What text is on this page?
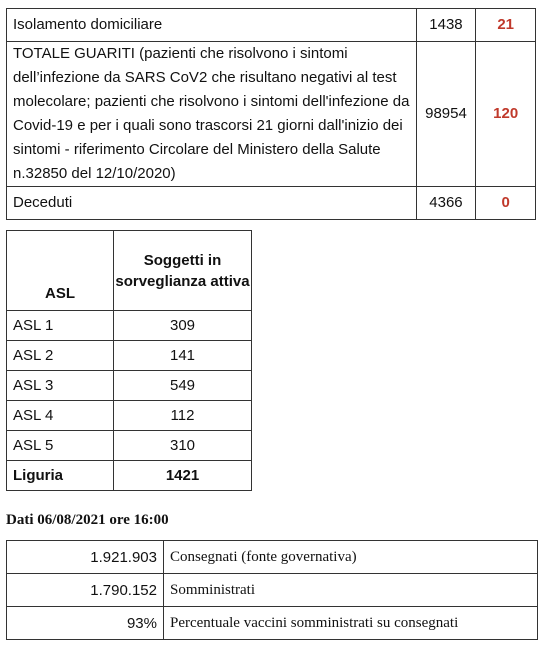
Isolamento domiciliare	1438	21
TOTALE GUARITI (pazienti che risolvono i sintomi dell’infezione da SARS CoV2 che risultano negativi al test molecolare; pazienti che risolvono i sintomi dell'infezione da Covid-19 e per i quali sono trascorsi 21 giorni dall'inizio dei sintomi - riferimento Circolare del Ministero della Salute n.32850 del 12/10/2020)	98954	120
Deceduti	4366	0
ASL	Soggetti in sorveglianza attiva
ASL 1	309
ASL 2	141
ASL 3	549
ASL 4	112
ASL 5	310
Liguria	1421
Dati 06/08/2021 ore 16:00
1.921.903	Consegnati (fonte governativa)
1.790.152	Somministrati
93%	Percentuale vaccini somministrati su consegnati
